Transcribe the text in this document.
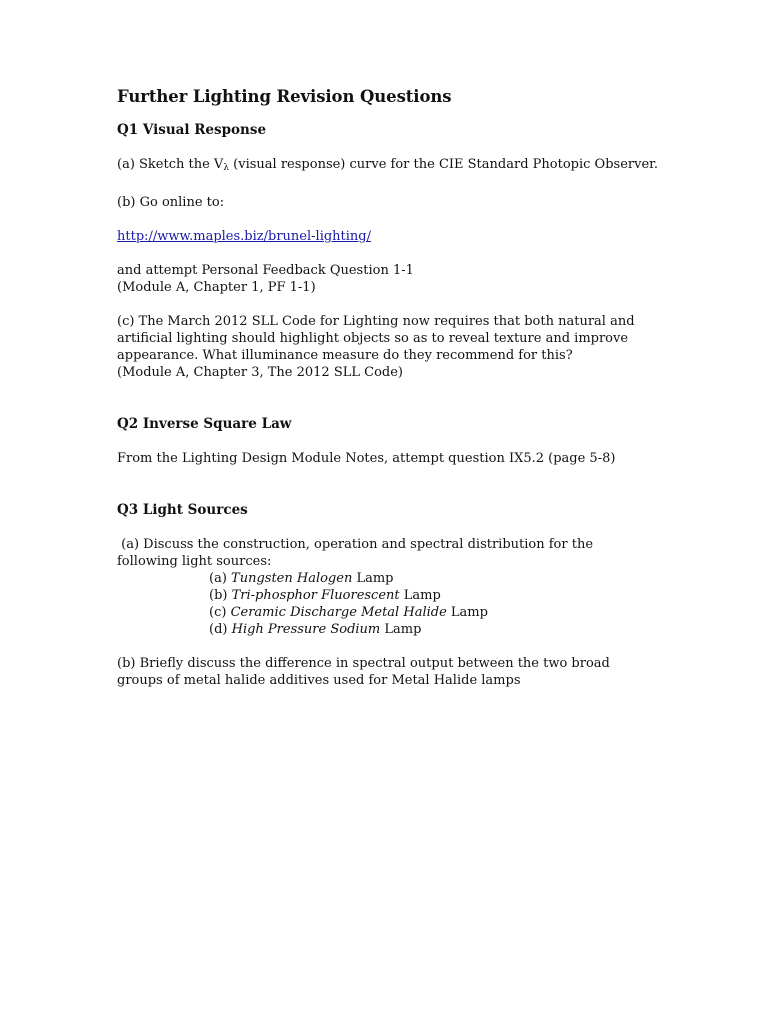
Further Lighting Revision Questions
Q1 Visual Response

(a) Sketch the $V_\lambda$ (visual response) curve for the CIE Standard Photopic Observer.

(b) Go online to:

http://www.maples.biz/brunel-lighting/

and attempt Personal Feedback Question 1-1

(Module A, Chapter 1, PF 1-1)

(c) The March 2012 SLL Code for Lighting now requires that both natural and

artificial lighting should highlight objects so as to reveal texture and improve

appearance. What illuminance measure do they recommend for this?

(Module A, Chapter 3, The 2012 SLL Code)

Q2 Inverse Square Law

From the Lighting Design Module Notes, attempt question IX5.2 (page 5-8)

Q3 Light Sources

(a) Discuss the construction, operation and spectral distribution for the

following light sources:

(a) Tungsten Halogen Lamp

(b) Tri-phosphor Fluorescent Lamp

(c) Ceramic Discharge Metal Halide Lamp

(d) High Pressure Sodium Lamp

(b) Briefly discuss the difference in spectral output between the two broad

groups of metal halide additives used for Metal Halide lamps
